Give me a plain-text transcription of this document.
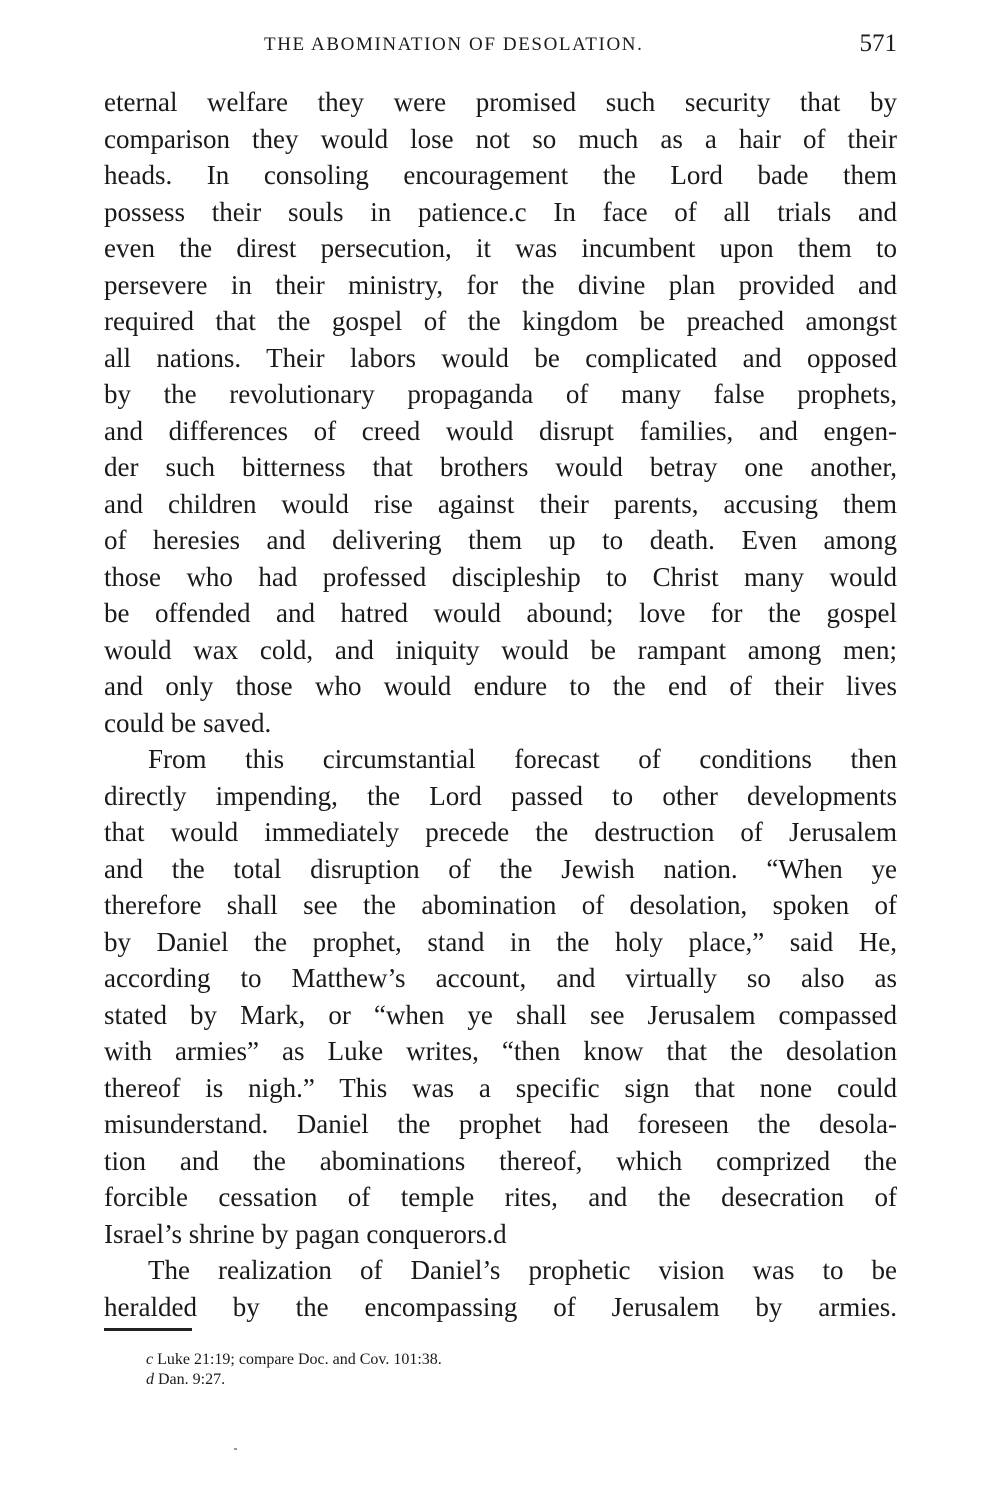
THE ABOMINATION OF DESOLATION.	571
eternal welfare they were promised such security that by
comparison they would lose not so much as a hair of their
heads. In consoling encouragement the Lord bade them
possess their souls in patience.c In face of all trials and
even the direst persecution, it was incumbent upon them to
persevere in their ministry, for the divine plan provided and
required that the gospel of the kingdom be preached amongst
all nations. Their labors would be complicated and opposed
by the revolutionary propaganda of many false prophets,
and differences of creed would disrupt families, and engen-
der such bitterness that brothers would betray one another,
and children would rise against their parents, accusing them
of heresies and delivering them up to death. Even among
those who had professed discipleship to Christ many would
be offended and hatred would abound; love for the gospel
would wax cold, and iniquity would be rampant among men;
and only those who would endure to the end of their lives
could be saved.
From this circumstantial forecast of conditions then
directly impending, the Lord passed to other developments
that would immediately precede the destruction of Jerusalem
and the total disruption of the Jewish nation. “When ye
therefore shall see the abomination of desolation, spoken of
by Daniel the prophet, stand in the holy place,” said He,
according to Matthew’s account, and virtually so also as
stated by Mark, or “when ye shall see Jerusalem compassed
with armies” as Luke writes, “then know that the desolation
thereof is nigh.” This was a specific sign that none could
misunderstand. Daniel the prophet had foreseen the desola-
tion and the abominations thereof, which comprized the
forcible cessation of temple rites, and the desecration of
Israel’s shrine by pagan conquerors.d
The realization of Daniel’s prophetic vision was to be
heralded by the encompassing of Jerusalem by armies.
c Luke 21:19; compare Doc. and Cov. 101:38.
d Dan. 9:27.
